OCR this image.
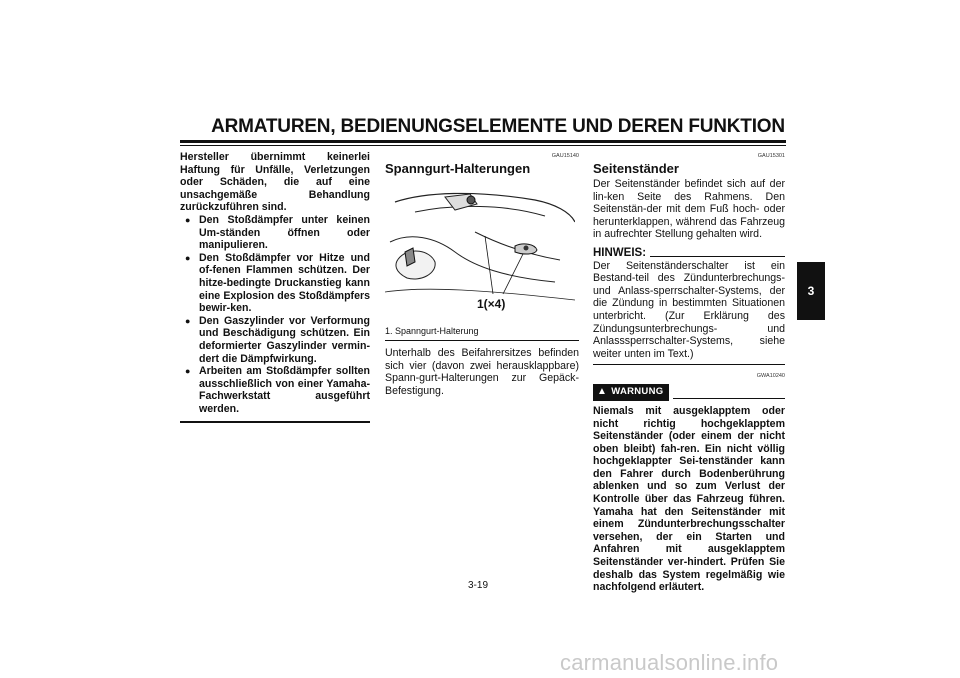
ARMATUREN, BEDIENUNGSELEMENTE UND DEREN FUNKTION
3
Hersteller übernimmt keinerlei Haftung für Unfälle, Verletzungen oder Schäden, die auf eine unsachgemäße Behandlung zurückzuführen sind.
● Den Stoßdämpfer unter keinen Um-ständen öffnen oder manipulieren.
● Den Stoßdämpfer vor Hitze und of-fenen Flammen schützen. Der hitze-bedingte Druckanstieg kann eine Explosion des Stoßdämpfers bewir-ken.
● Den Gaszylinder vor Verformung und Beschädigung schützen. Ein deformierter Gaszylinder vermin-dert die Dämpfwirkung.
● Arbeiten am Stoßdämpfer sollten ausschließlich von einer Yamaha-Fachwerkstatt ausgeführt werden.
GAU15140
Spanngurt-Halterungen
1(×4)
1. Spanngurt-Halterung
Unterhalb des Beifahrersitzes befinden sich vier (davon zwei herausklappbare) Spann-gurt-Halterungen zur Gepäck-Befestigung.
GAU15301
Seitenständer
Der Seitenständer befindet sich auf der lin-ken Seite des Rahmens. Den Seitenstän-der mit dem Fuß hoch- oder herunterklappen, während das Fahrzeug in aufrechter Stellung gehalten wird.
HINWEIS:
Der Seitenständerschalter ist ein Bestand-teil des Zündunterbrechungs- und Anlass-sperrschalter-Systems, der die Zündung in bestimmten Situationen unterbricht. (Zur Erklärung des Zündungsunterbrechungs- und Anlasssperrschalter-Systems, siehe weiter unten im Text.)
GWA10240
▲ WARNUNG
Niemals mit ausgeklapptem oder nicht richtig hochgeklapptem Seitenständer (oder einem der nicht oben bleibt) fah-ren. Ein nicht völlig hochgeklappter Sei-tenständer kann den Fahrer durch Bodenberührung ablenken und so zum Verlust der Kontrolle über das Fahrzeug führen. Yamaha hat den Seitenständer mit einem Zündunterbrechungsschalter versehen, der ein Starten und Anfahren mit ausgeklapptem Seitenständer ver-hindert. Prüfen Sie deshalb das System regelmäßig wie nachfolgend erläutert.
3-19
carmanualsonline.info
